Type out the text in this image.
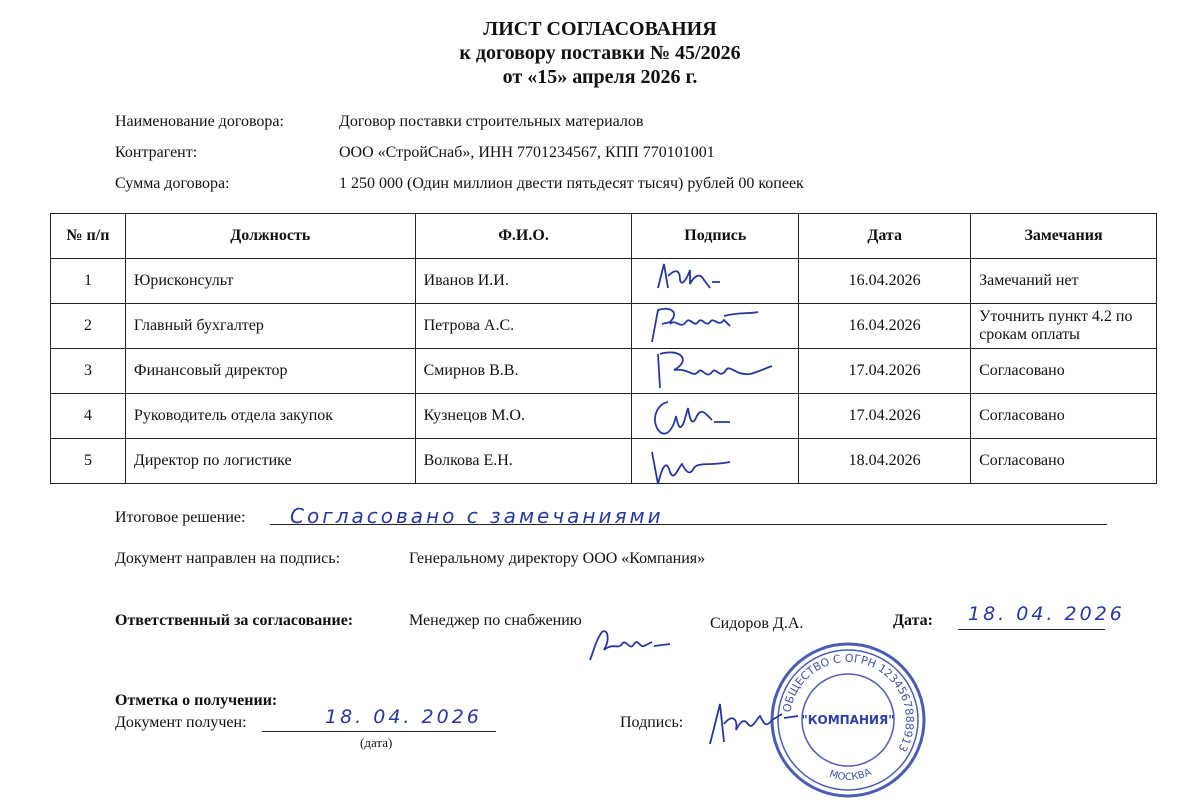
ЛИСТ СОГЛАСОВАНИЯ
к договору поставки № 45/2026
от «15» апреля 2026 г.
Наименование договора:	Договор поставки строительных материалов
Контрагент:	ООО «СтройСнаб», ИНН 7701234567, КПП 770101001
Сумма договора:	1 250 000 (Один миллион двести пятьдесят тысяч) рублей 00 копеек
№ п/п	Должность	Ф.И.О.	Подпись	Дата	Замечания
1	Юрисконсульт	Иванов И.И.		16.04.2026	Замечаний нет
2	Главный бухгалтер	Петрова А.С.		16.04.2026	Уточнить пункт 4.2 по срокам оплаты
3	Финансовый директор	Смирнов В.В.		17.04.2026	Согласовано
4	Руководитель отдела закупок	Кузнецов М.О.		17.04.2026	Согласовано
5	Директор по логистике	Волкова Е.Н.		18.04.2026	Согласовано
Итоговое решение: Согласовано с замечаниями
Документ направлен на подпись:	Генеральному директору ООО «Компания»
Ответственный за согласование:	Менеджер по снабжению	Сидоров Д.А.	Дата: 18. 04. 2026
Отметка о получении:
Документ получен:	18. 04. 2026
(дата)
Подпись:
ОБЩЕСТВО С ОГРН 1234567888913
МОСКВА
"КОМПАНИЯ"
